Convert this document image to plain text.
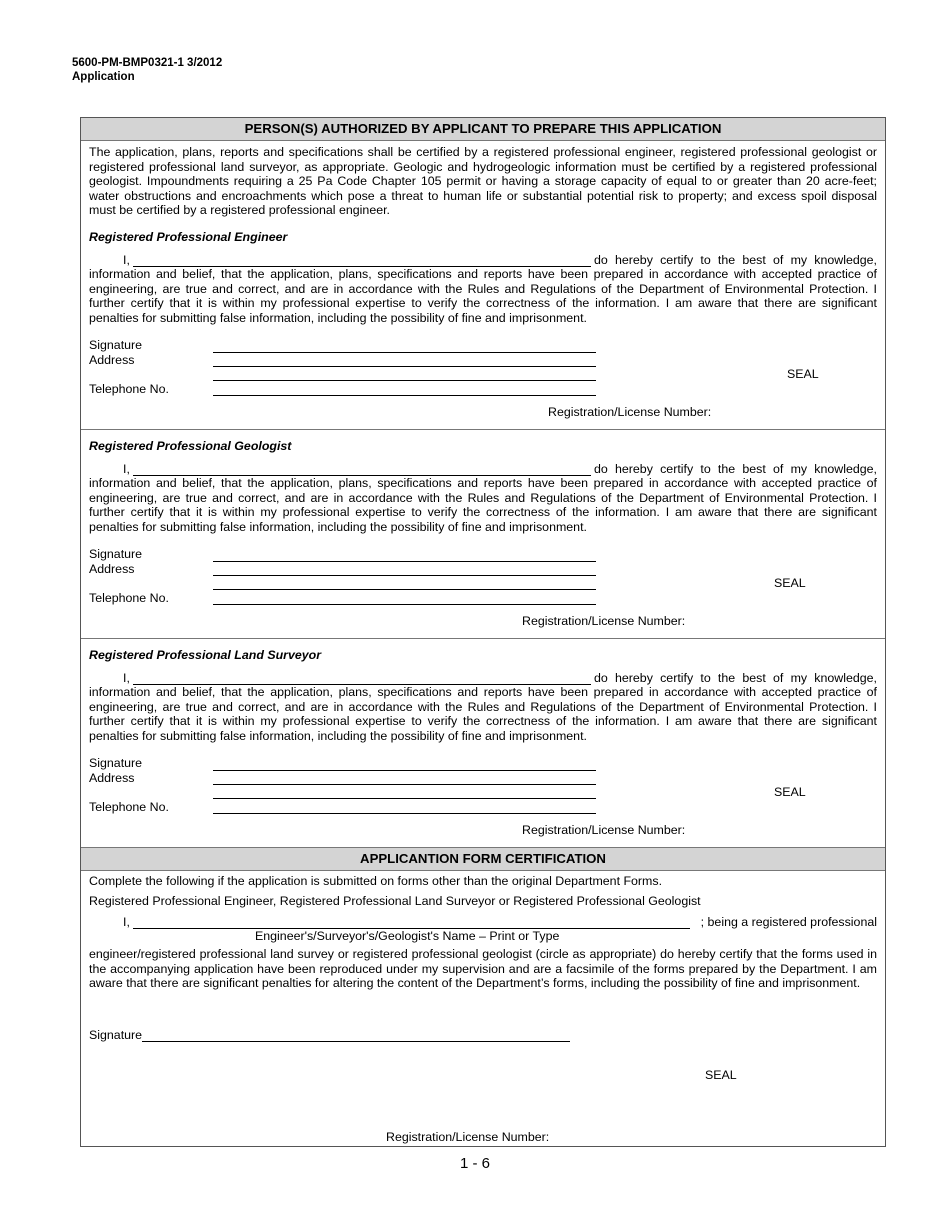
5600-PM-BMP0321-1 3/2012
Application
PERSON(S) AUTHORIZED BY APPLICANT TO PREPARE THIS APPLICATION
The application, plans, reports and specifications shall be certified by a registered professional engineer, registered professional geologist or registered professional land surveyor, as appropriate. Geologic and hydrogeologic information must be certified by a registered professional geologist. Impoundments requiring a 25 Pa Code Chapter 105 permit or having a storage capacity of equal to or greater than 20 acre-feet; water obstructions and encroachments which pose a threat to human life or substantial potential risk to property; and excess spoil disposal must be certified by a registered professional engineer.
Registered Professional Engineer
I,	do hereby certify to the best of my knowledge,
information and belief, that the application, plans, specifications and reports have been prepared in accordance with accepted practice of engineering, are true and correct, and are in accordance with the Rules and Regulations of the Department of Environmental Protection. I further certify that it is within my professional expertise to verify the correctness of the information. I am aware that there are significant penalties for submitting false information, including the possibility of fine and imprisonment.
Signature
Address
Telephone No.
SEAL
Registration/License Number:
Registered Professional Geologist
I,	do hereby certify to the best of my knowledge,
information and belief, that the application, plans, specifications and reports have been prepared in accordance with accepted practice of engineering, are true and correct, and are in accordance with the Rules and Regulations of the Department of Environmental Protection. I further certify that it is within my professional expertise to verify the correctness of the information. I am aware that there are significant penalties for submitting false information, including the possibility of fine and imprisonment.
Signature
Address
Telephone No.
SEAL
Registration/License Number:
Registered Professional Land Surveyor
I,	do hereby certify to the best of my knowledge,
information and belief, that the application, plans, specifications and reports have been prepared in accordance with accepted practice of engineering, are true and correct, and are in accordance with the Rules and Regulations of the Department of Environmental Protection. I further certify that it is within my professional expertise to verify the correctness of the information. I am aware that there are significant penalties for submitting false information, including the possibility of fine and imprisonment.
Signature
Address
Telephone No.
SEAL
Registration/License Number:
APPLICANTION FORM CERTIFICATION
Complete the following if the application is submitted on forms other than the original Department Forms.
Registered Professional Engineer, Registered Professional Land Surveyor or Registered Professional Geologist
I,	; being a registered professional
Engineer's/Surveyor's/Geologist's Name – Print or Type
engineer/registered professional land survey or registered professional geologist (circle as appropriate) do hereby certify that the forms used in the accompanying application have been reproduced under my supervision and are a facsimile of the forms prepared by the Department. I am aware that there are significant penalties for altering the content of the Department’s forms, including the possibility of fine and imprisonment.
Signature
SEAL
Registration/License Number:
1 - 6
